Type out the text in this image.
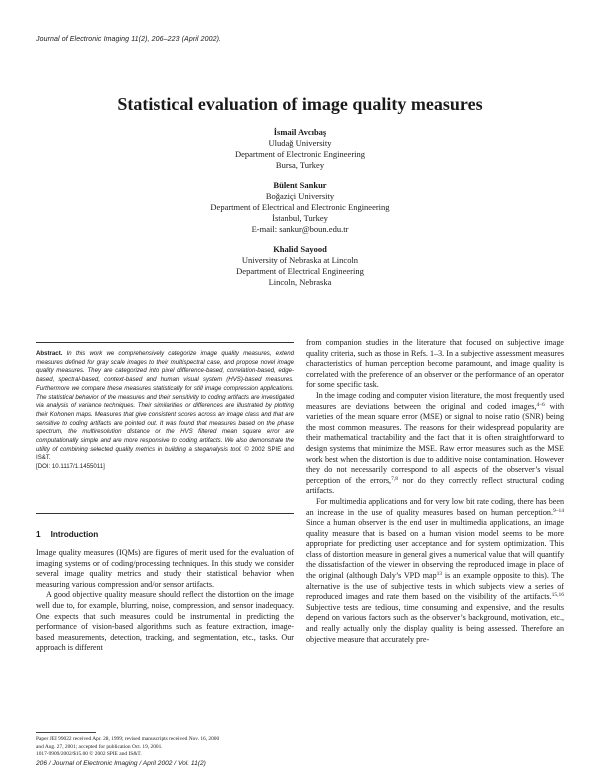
Journal of Electronic Imaging 11(2), 206–223 (April 2002).
Statistical evaluation of image quality measures
İsmail Avcıbaş
Uludağ University
Department of Electronic Engineering
Bursa, Turkey
Bülent Sankur
Boğaziçi University
Department of Electrical and Electronic Engineering
İstanbul, Turkey
E-mail: sankur@boun.edu.tr
Khalid Sayood
University of Nebraska at Lincoln
Department of Electrical Engineering
Lincoln, Nebraska

Abstract. In this work we comprehensively categorize image quality measures, extend measures defined for gray scale images to their multispectral case, and propose novel image quality measures. They are categorized into pixel difference-based, correlation-based, edge-based, spectral-based, context-based and human visual system (HVS)-based measures. Furthermore we compare these measures statistically for still image compression applications. The statistical behavior of the measures and their sensitivity to coding artifacts are investigated via analysis of variance techniques. Their similarities or differences are illustrated by plotting their Kohonen maps. Measures that give consistent scores across an image class and that are sensitive to coding artifacts are pointed out. It was found that measures based on the phase spectrum, the multiresolution distance or the HVS filtered mean square error are computationally simple and are more responsive to coding artifacts. We also demonstrate the utility of combining selected quality metrics in building a steganalysis tool. © 2002 SPIE and IS&T.
[DOI: 10.1117/1.1455011]

1 Introduction

Image quality measures (IQMs) are figures of merit used for the evaluation of imaging systems or of coding/processing techniques. In this study we consider several image quality metrics and study their statistical behavior when measuring various compression and/or sensor artifacts.

A good objective quality measure should reflect the distortion on the image well due to, for example, blurring, noise, compression, and sensor inadequacy. One expects that such measures could be instrumental in predicting the performance of vision-based algorithms such as feature extraction, image-based measurements, detection, tracking, and segmentation, etc., tasks. Our approach is different

from companion studies in the literature that focused on subjective image quality criteria, such as those in Refs. 1–3. In a subjective assessment measures characteristics of human perception become paramount, and image quality is correlated with the preference of an observer or the performance of an operator for some specific task.

In the image coding and computer vision literature, the most frequently used measures are deviations between the original and coded images,$^{4-6}$ with varieties of the mean square error (MSE) or signal to noise ratio (SNR) being the most common measures. The reasons for their widespread popularity are their mathematical tractability and the fact that it is often straightforward to design systems that minimize the MSE. Raw error measures such as the MSE work best when the distortion is due to additive noise contamination. However they do not necessarily correspond to all aspects of the observer’s visual perception of the errors,$^{7,8}$ nor do they correctly reflect structural coding artifacts.

For multimedia applications and for very low bit rate coding, there has been an increase in the use of quality measures based on human perception.$^{9-14}$ Since a human observer is the end user in multimedia applications, an image quality measure that is based on a human vision model seems to be more appropriate for predicting user acceptance and for system optimization. This class of distortion measure in general gives a numerical value that will quantify the dissatisfaction of the viewer in observing the reproduced image in place of the original (although Daly’s VPD map$^{13}$ is an example opposite to this). The alternative is the use of subjective tests in which subjects view a series of reproduced images and rate them based on the visibility of the artifacts.$^{15,16}$ Subjective tests are tedious, time consuming and expensive, and the results depend on various factors such as the observer’s background, motivation, etc., and really actually only the display quality is being assessed. Therefore an objective measure that accurately pre-

Paper JEI 99022 received Apr. 28, 1999; revised manuscripts received Nov. 16, 2000
and Aug. 27, 2001; accepted for publication Oct. 19, 2001.
1017-9909/2002/$15.00 © 2002 SPIE and IS&T.
206 / Journal of Electronic Imaging / April 2002 / Vol. 11(2)
